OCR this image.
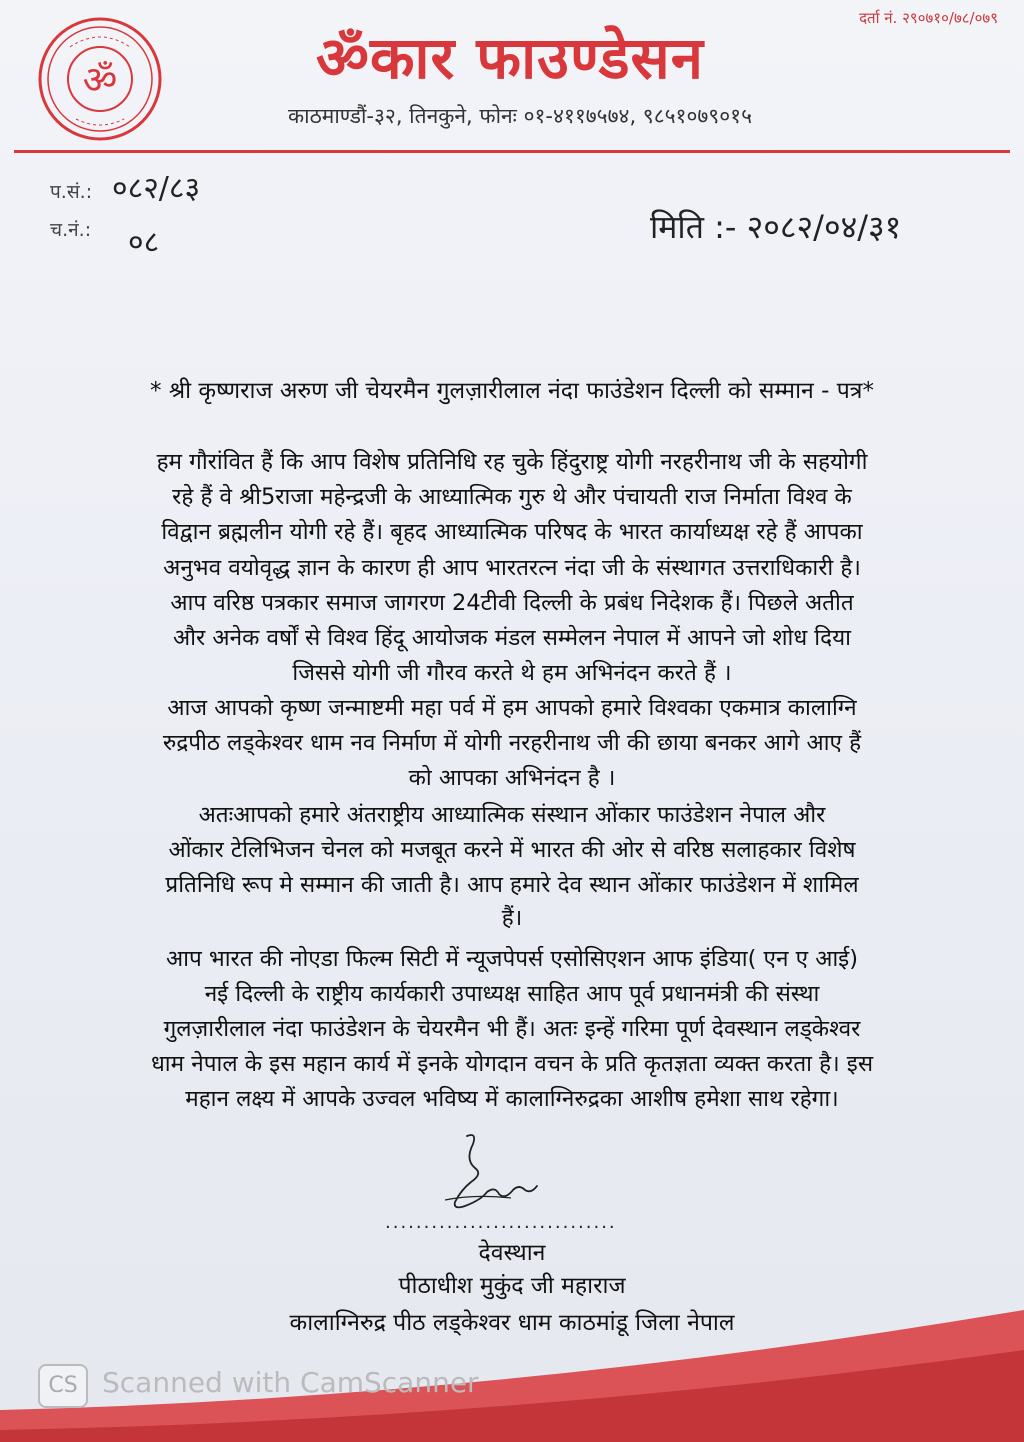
दर्ता नं. २९०७१०/७८/०७९
ॐ	ॐकार फाउण्डेसन
काठमाण्डौं-३२, तिनकुने, फोनः ०१-४११७५७४, ९८५१०७९०१५
प.सं.: ०८२/८३
च.नं.: ०८	मिति :- २०८२/०४/३१
* श्री कृष्णराज अरुण जी चेयरमैन गुलज़ारीलाल नंदा फाउंडेशन दिल्ली को सम्मान - पत्र*

हम गौरांवित हैं कि आप विशेष प्रतिनिधि रह चुके हिंदुराष्ट्र योगी नरहरीनाथ जी के सहयोगी

रहे हैं वे श्री5राजा महेन्द्रजी के आध्यात्मिक गुरु थे और पंचायती राज निर्माता विश्व के

विद्वान ब्रह्मलीन योगी रहे हैं। बृहद आध्यात्मिक परिषद के भारत कार्याध्यक्ष रहे हैं आपका

अनुभव वयोवृद्ध ज्ञान के कारण ही आप भारतरत्न नंदा जी के संस्थागत उत्तराधिकारी है।

आप वरिष्ठ पत्रकार समाज जागरण 24टीवी दिल्ली के प्रबंध निदेशक हैं। पिछले अतीत

और अनेक वर्षों से विश्व हिंदू आयोजक मंडल सम्मेलन नेपाल में आपने जो शोध दिया

जिससे योगी जी गौरव करते थे हम अभिनंदन करते हैं ।

आज आपको कृष्ण जन्माष्टमी महा पर्व में हम आपको हमारे विश्वका एकमात्र कालाग्नि

रुद्रपीठ लड्केश्वर धाम नव निर्माण में योगी नरहरीनाथ जी की छाया बनकर आगे आए हैं

को आपका अभिनंदन है ।

अतःआपको हमारे अंतराष्ट्रीय आध्यात्मिक संस्थान ओंकार फाउंडेशन नेपाल और

ओंकार टेलिभिजन चेनल को मजबूत करने में भारत की ओर से वरिष्ठ सलाहकार विशेष

प्रतिनिधि रूप मे सम्मान की जाती है। आप हमारे देव स्थान ओंकार फाउंडेशन में शामिल

हैं।

आप भारत की नोएडा फिल्म सिटी में न्यूजपेपर्स एसोसिएशन आफ इंडिया( एन ए आई)

नई दिल्ली के राष्ट्रीय कार्यकारी उपाध्यक्ष साहित आप पूर्व प्रधानमंत्री की संस्था

गुलज़ारीलाल नंदा फाउंडेशन के चेयरमैन भी हैं। अतः इन्हें गरिमा पूर्ण देवस्थान लड्केश्वर

धाम नेपाल के इस महान कार्य में इनके योगदान वचन के प्रति कृतज्ञता व्यक्त करता है। इस

महान लक्ष्य में आपके उज्वल भविष्य में कालाग्निरुद्रका आशीष हमेशा साथ रहेगा।

..............................
देवस्थान
पीठाधीश मुकुंद जी महाराज
कालाग्निरुद्र पीठ लड्केश्वर धाम काठमांडू जिला नेपाल
CS Scanned with CamScanner
